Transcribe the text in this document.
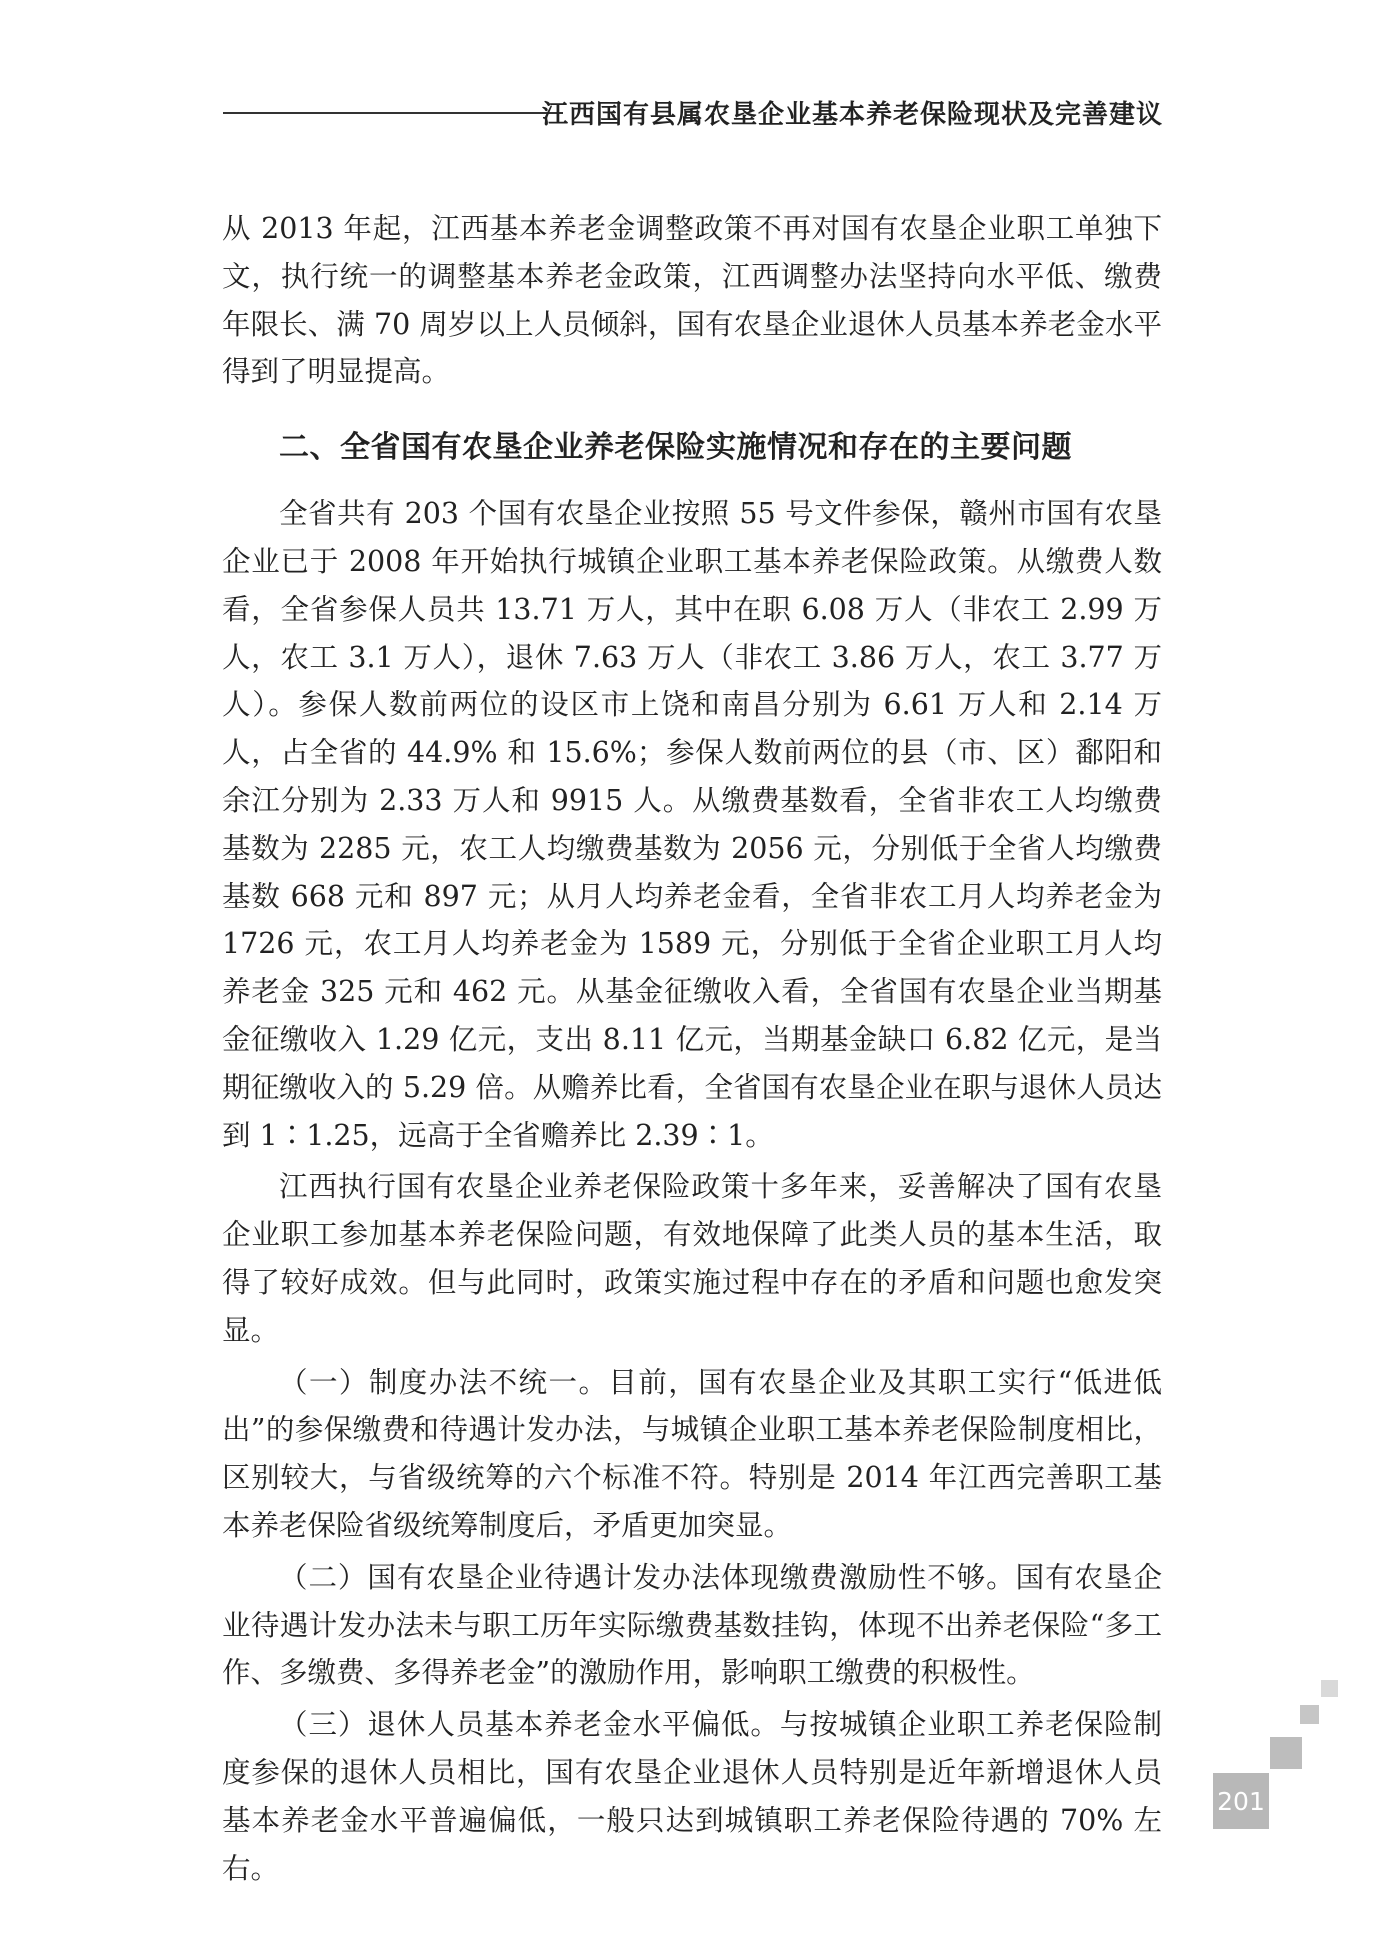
江西国有县属农垦企业基本养老保险现状及完善建议

从 2013 年起，江西基本养老金调整政策不再对国有农垦企业职工单独下文，执行统一的调整基本养老金政策，江西调整办法坚持向水平低、缴费年限长、满 70 周岁以上人员倾斜，国有农垦企业退休人员基本养老金水平得到了明显提高。

二、全省国有农垦企业养老保险实施情况和存在的主要问题

全省共有 203 个国有农垦企业按照 55 号文件参保，赣州市国有农垦企业已于 2008 年开始执行城镇企业职工基本养老保险政策。从缴费人数看，全省参保人员共 13.71 万人，其中在职 6.08 万人（非农工 2.99 万人，农工 3.1 万人），退休 7.63 万人（非农工 3.86 万人，农工 3.77 万人）。参保人数前两位的设区市上饶和南昌分别为 6.61 万人和 2.14 万人，占全省的 44.9% 和 15.6%；参保人数前两位的县（市、区）鄱阳和余江分别为 2.33 万人和 9915 人。从缴费基数看，全省非农工人均缴费基数为 2285 元，农工人均缴费基数为 2056 元，分别低于全省人均缴费基数 668 元和 897 元；从月人均养老金看，全省非农工月人均养老金为 1726 元，农工月人均养老金为 1589 元，分别低于全省企业职工月人均养老金 325 元和 462 元。从基金征缴收入看，全省国有农垦企业当期基金征缴收入 1.29 亿元，支出 8.11 亿元，当期基金缺口 6.82 亿元，是当期征缴收入的 5.29 倍。从赡养比看，全省国有农垦企业在职与退休人员达到 1∶1.25，远高于全省赡养比 2.39∶1。

江西执行国有农垦企业养老保险政策十多年来，妥善解决了国有农垦企业职工参加基本养老保险问题，有效地保障了此类人员的基本生活，取得了较好成效。但与此同时，政策实施过程中存在的矛盾和问题也愈发突显。

（一）制度办法不统一。目前，国有农垦企业及其职工实行“低进低出”的参保缴费和待遇计发办法，与城镇企业职工基本养老保险制度相比，区别较大，与省级统筹的六个标准不符。特别是 2014 年江西完善职工基本养老保险省级统筹制度后，矛盾更加突显。

（二）国有农垦企业待遇计发办法体现缴费激励性不够。国有农垦企业待遇计发办法未与职工历年实际缴费基数挂钩，体现不出养老保险“多工作、多缴费、多得养老金”的激励作用，影响职工缴费的积极性。

（三）退休人员基本养老金水平偏低。与按城镇企业职工养老保险制度参保的退休人员相比，国有农垦企业退休人员特别是近年新增退休人员基本养老金水平普遍偏低，一般只达到城镇职工养老保险待遇的 70% 左右。

201
